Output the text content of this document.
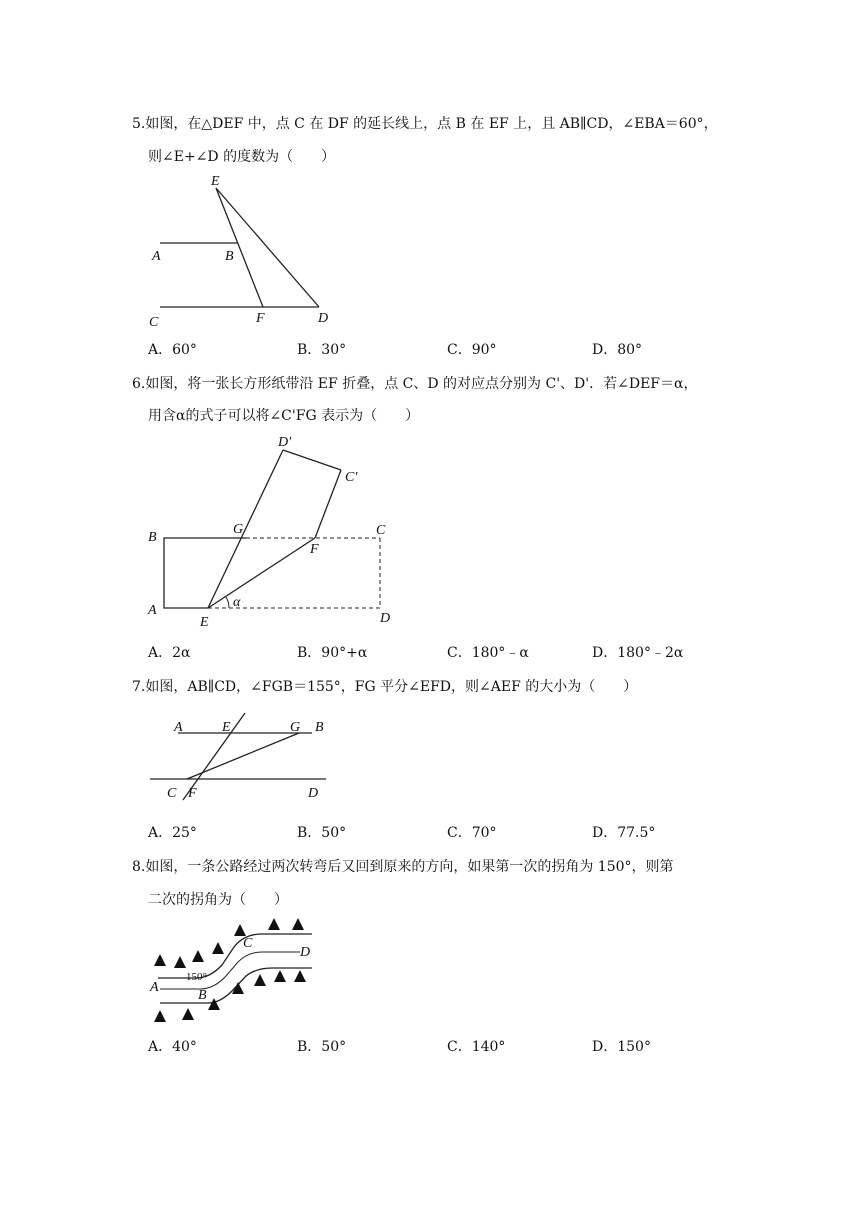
5.如图，在△DEF 中，点 C 在 DF 的延长线上，点 B 在 EF 上，且 AB∥CD，∠EBA＝60°，
则∠E+∠D 的度数为（　　）
E
A	B
C	F	D
A．60°	B．30°	C．90°	D．80°
6.如图，将一张长方形纸带沿 EF 折叠，点 C、D 的对应点分别为 C'、D'．若∠DEF＝α，
用含α的式子可以将∠C'FG 表示为（　　）
D'
C'
B
G	C
F
α
A
E	D
A．2α	B．90°+α	C．180°﹣α	D．180°﹣2α
7.如图，AB∥CD，∠FGB＝155°，FG 平分∠EFD，则∠AEF 的大小为（　　）
A	E	G B
C F	D
A．25°	B．50°	C．70°	D．77.5°
8.如图，一条公路经过两次转弯后又回到原来的方向，如果第一次的拐角为 150°，则第
二次的拐角为（　　）
150°
A
B
C
D
A．40°	B．50°	C．140°	D．150°
